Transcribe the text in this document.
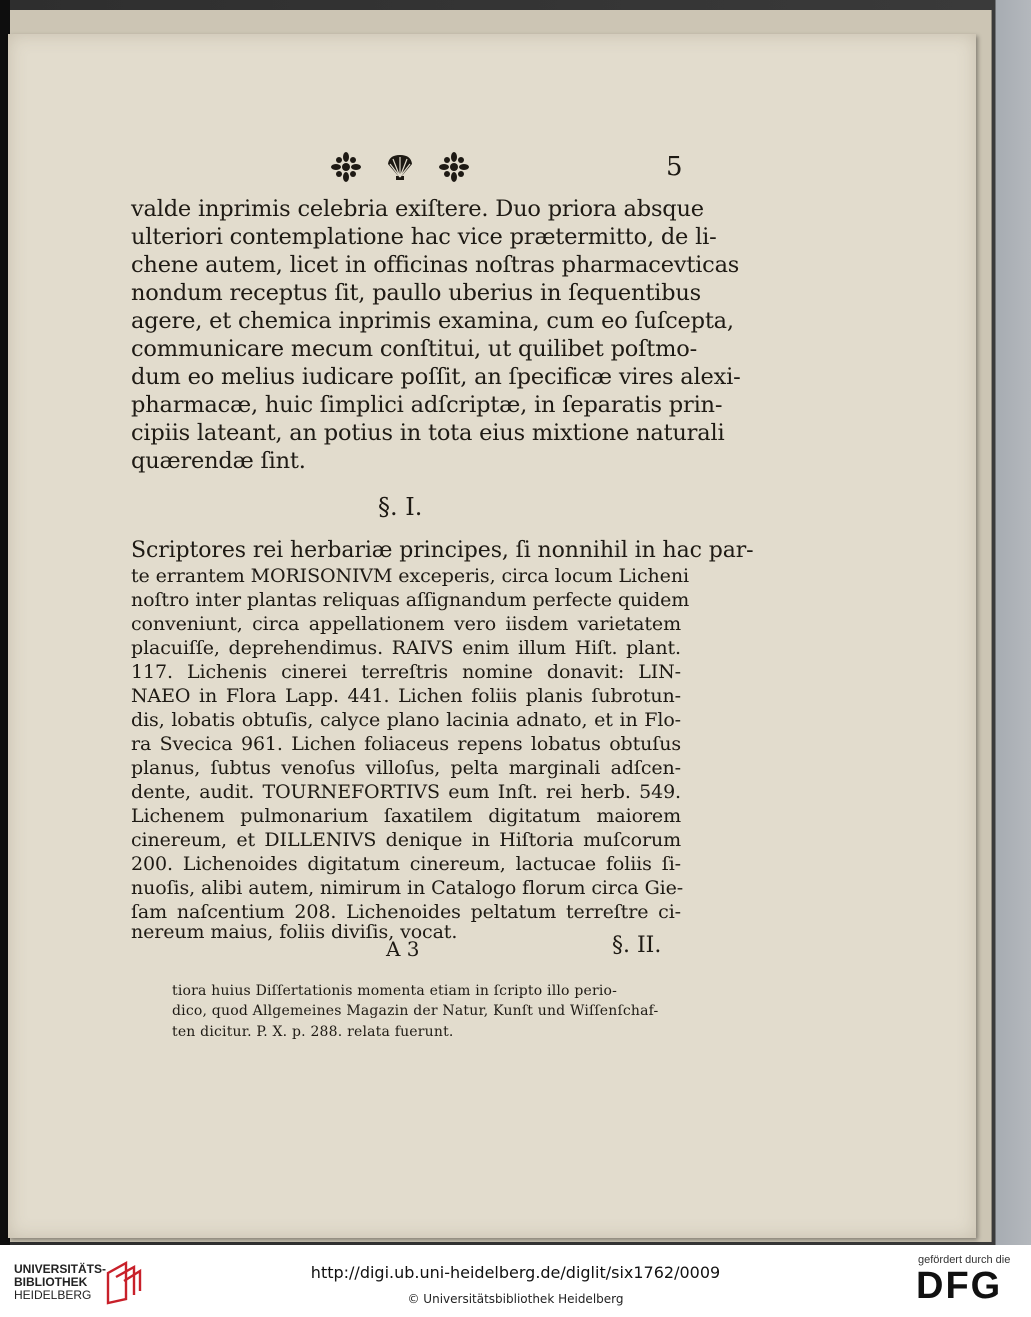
5
valde inprimis celebria exiſtere. Duo priora absque
ulteriori contemplatione hac vice prætermitto, de li-
chene autem, licet in officinas noſtras pharmacevticas
nondum receptus ſit, paullo uberius in ſequentibus
agere, et chemica inprimis examina, cum eo ſuſcepta,
communicare mecum conſtitui, ut quilibet poſtmo-
dum eo melius iudicare poſſit, an ſpecificæ vires alexi-
pharmacæ, huic ſimplici adſcriptæ, in ſeparatis prin-
cipiis lateant, an potius in tota eius mixtione naturali
quærendæ ſint.
§. I.
Scriptores rei herbariæ principes, ſi nonnihil in hac par-
te errantem MORISONIVM exceperis, circa locum Licheni
noſtro inter plantas reliquas aſſignandum perfecte quidem
conveniunt, circa appellationem vero iisdem varietatem
placuiſſe, deprehendimus. RAIVS enim illum Hiſt. plant.
117. Lichenis cinerei terreſtris nomine donavit: LIN-
NAEO in Flora Lapp. 441. Lichen foliis planis ſubrotun-
dis, lobatis obtuſis, calyce plano lacinia adnato, et in Flo-
ra Svecica 961. Lichen foliaceus repens lobatus obtuſus
planus, ſubtus venoſus villoſus, pelta marginali adſcen-
dente, audit. TOURNEFORTIVS eum Inſt. rei herb. 549.
Lichenem pulmonarium ſaxatilem digitatum maiorem
cinereum, et DILLENIVS denique in Hiſtoria muſcorum
200. Lichenoides digitatum cinereum, lactucae foliis ſi-
nuoſis, alibi autem, nimirum in Catalogo florum circa Gie-
ſam naſcentium 208. Lichenoides peltatum terreſtre ci-
nereum maius, foliis diviſis, vocat.
A 3	§. II.
tiora huius Diſſertationis momenta etiam in ſcripto illo perio-
dico, quod Allgemeines Magazin der Natur, Kunſt und Wiſſenſchaf-
ten dicitur. P. X. p. 288. relata fuerunt.
UNIVERSITÄTS-
BIBLIOTHEK
HEIDELBERG
http://digi.ub.uni-heidelberg.de/diglit/six1762/0009
© Universitätsbibliothek Heidelberg
gefördert durch die
DFG
